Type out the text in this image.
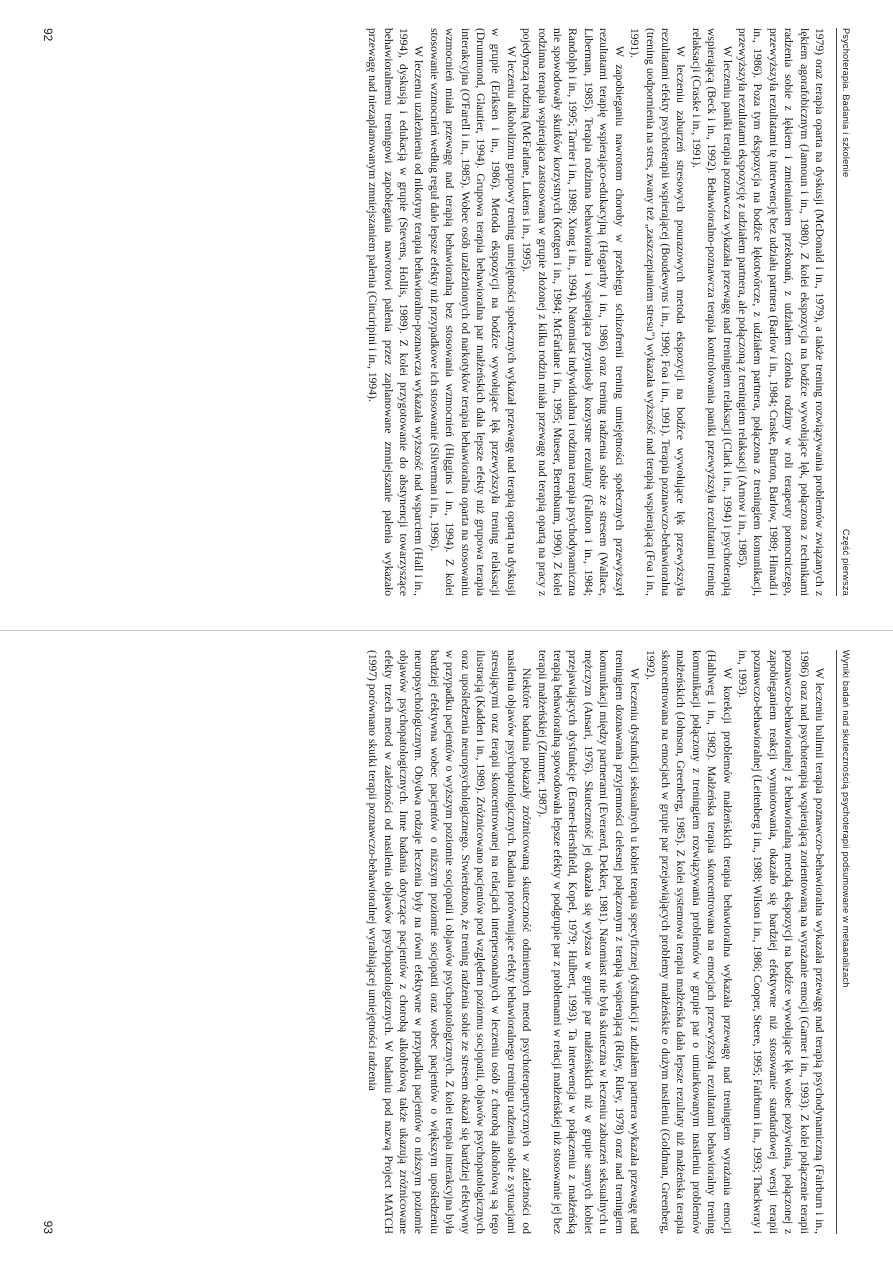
Psychoterapia. Badania i szkolenie
Część pierwsza

1979) oraz terapia oparta na dyskusji (McDonald i in., 1979), a także trening rozwiązywania problemów związanych z lękiem agorafobicznym (Jannoun i in., 1980). Z kolei ekspozycja na bodźce wywołujące lęk, połączona z technikami radzenia sobie z lękiem i zmienianiem przekonań, z udziałem członka rodziny w roli terapeuty pomocniczego, przewyższyła rezultatami tę interwencję bez udziału partnera (Barlow i in., 1984; Craske, Burton, Barlow, 1989; Himadi i in., 1986). Poza tym ekspozycja na bodźce lękotwórcze, z udziałem partnera, połączona z treningiem komunikacji, przewyższyła rezultatami ekspozycję z udziałem partnera, ale połączoną z treningiem relaksacji (Arnow i in., 1985).

W leczeniu paniki terapia poznawcza wykazała przewagę nad treningiem relaksacji (Clark i in., 1994) i psychoterapią wspierającą (Beck i in., 1992). Behawioralno-poznawcza terapia kontrolowania paniki przewyższyła rezultatami trening relaksacji (Craske i in., 1991).

W leczeniu zaburzeń stresowych pourazowych metoda ekspozycji na bodźce wywołujące lęk przewyższyła rezultatami efekty psychoterapii wspierającej (Boudewyns i in., 1990; Foa i in., 1991). Terapia poznawczo-behawioralna (trening uodpornienia na stres, zwany też „zaszczepianiem stresu") wykazała wyższość nad terapią wspierającą (Foa i in., 1991).

W zapobieganiu nawrotom choroby w przebiegu schizofrenii trening umiejętności społecznych przewyższył rezultatami terapię wspierająco-edukacyjną (Hogarthy i in., 1986) oraz trening radzenia sobie ze stresem (Wallace, Liberman, 1985). Terapia rodzinna behawioralna i wspierająca przyniosły korzystne rezultaty (Falloon i in., 1984; Randolph i in., 1995; Tarrier i in., 1989; Xiong i in., 1994). Natomiast indywidualna i rodzinna terapia psychodynamiczna nie spowodowały skutków korzystnych (Kottgen i in., 1984; McFarlane i in., 1995; Mueser, Berenbaum, 1990). Z kolei rodzinna terapia wspierająca zastosowana w grupie złożonej z kilku rodzin miała przewagę nad terapią opartą na pracy z pojedynczą rodziną (McFarlane, Lukens i in., 1995).

W leczeniu alkoholizmu grupowy trening umiejętności społecznych wykazał przewagę nad terapią opartą na dyskusji w grupie (Eriksen i in., 1986). Metoda ekspozycji na bodźce wywołujące lęk przewyższyła trening relaksacji (Drummond, Glautier, 1994). Grupowa terapia behawioralna par małżeńskich dała lepsze efekty niż grupowa terapia interakcyjna (O'Farell i in., 1985). Wobec osób uzależnionych od narkotyków terapia behawioralna oparta na stosowaniu wzmocnień miała przewagę nad terapią behawioralną bez stosowania wzmocnień (Higgins i in., 1994). Z kolei stosowanie wzmocnień według reguł dało lepsze efekty niż przypadkowe ich stosowanie (Silverman i in., 1996).

W leczeniu uzależnienia od nikotyny terapia behawioralno-poznawcza wykazała wyższość nad wsparciem (Hall i in., 1994), dyskusją i edukacją w grupie (Stevens, Hollis, 1989). Z kolei przygotowanie do abstynencji towarzyszące behawioralnemu treningowi zapobiegania nawrotowi palenia przez zaplanowane zmniejszanie palenia wykazało przewagę nad niezaplanowanym zmniejszaniem palenia (Cinciripini i in., 1994).

92
Wyniki badań nad skutecznością psychoterapii podsumowane w metaanalizach

W leczeniu bulimii terapia poznawczo-behawioralna wykazała przewagę nad terapią psychodynamiczną (Fairburn i in., 1986) oraz nad psychoterapią wspierającą zorientowaną na wyrażanie emocji (Garner i in., 1993). Z kolei połączenie terapii poznawczo-behawioralnej z behawioralną metodą ekspozycji na bodźce wywołujące lęk wobec pożywienia, połączonej z zapobieganiem reakcji wymiotowania, okazało się bardziej efektywne niż stosowanie standardowej wersji terapii poznawczo-behawioralnej (Leitenberg i in., 1988; Wilson i in., 1986; Cooper, Steere, 1995; Fairburn i in., 1993; Thackwray i in., 1993).

W korekcji problemów małżeńskich terapia behawioralna wykazała przewagę nad treningiem wyrażania emocji (Hahlweg i in., 1982). Małżeńska terapia skoncentrowana na emocjach przewyższyła rezultatami behawioralny trening komunikacji połączony z treningiem rozwiązywania problemów w grupie par o umiarkowanym nasileniu problemów małżeńskich (Johnson, Greenberg, 1985). Z kolei systemowa terapia małżeńska dała lepsze rezultaty niż małżeńska terapia skoncentrowana na emocjach w grupie par przejawiających problemy małżeńskie o dużym nasileniu (Goldman, Greenberg, 1992).

W leczeniu dysfunkcji seksualnych u kobiet terapia specyficznej dysfunkcji z udziałem partnera wykazała przewagę nad treningiem doznawania przyjemności cielesnej połączonym z terapią wspierającą (Riley, Riley, 1978) oraz nad treningiem komunikacji między partnerami (Everaerd, Dekker, 1981). Natomiast nie była skuteczna w leczeniu zaburzeń seksualnych u mężczyzn (Ansari, 1976). Skuteczność jej okazała się wyższa w grupie par małżeńskich niż w grupie samych kobiet przejawiających dysfunkcje (Ersner-Hershfield, Kopel, 1979; Hulbert, 1993). Ta interwencja w połączeniu z małżeńską terapią behawioralną spowodowała lepsze efekty w podgrupie par z problemami w relacji małżeńskiej niż stosowanie jej bez terapii małżeńskiej (Zimmer, 1987).

Niektóre badania pokazały zróżnicowaną skuteczność odmiennych metod psychoterapeutycznych w zależności od nasilenia objawów psychopatologicznych. Badania porównujące efekty behawioralnego treningu radzenia sobie z sytuacjami stresującymi oraz terapii skoncentrowanej na relacjach interpersonalnych w leczeniu osób z chorobą alkoholową są tego ilustracją (Kadden i in., 1989). Zróżnicowano pacjentów pod względem poziomu socjopatii, objawów psychopatologicznych oraz upośledzenia neuropsychologicznego. Stwierdzono, że trening radzenia sobie ze stresem okazał się bardziej efektywny w przypadku pacjentów o wyższym poziomie socjopatii i objawów psychopatologicznych. Z kolei terapia interakcyjna była bardziej efektywna wobec pacjentów o niższym poziomie socjopatii oraz wobec pacjentów o większym upośledzeniu neuropsychologicznym. Obydwa rodzaje leczenia były na równi efektywne w przypadku pacjentów o niższym poziomie objawów psychopatologicznych. Inne badania dotyczące pacjentów z chorobą alkoholową także ukazują zróżnicowane efekty trzech metod w zależności od nasilenia objawów psychopatologicznych. W badaniu pod nazwą Project MATCH (1997) porównano skutki terapii poznawczo-behawioralnej wyrabiającej umiejętności radzenia

93
